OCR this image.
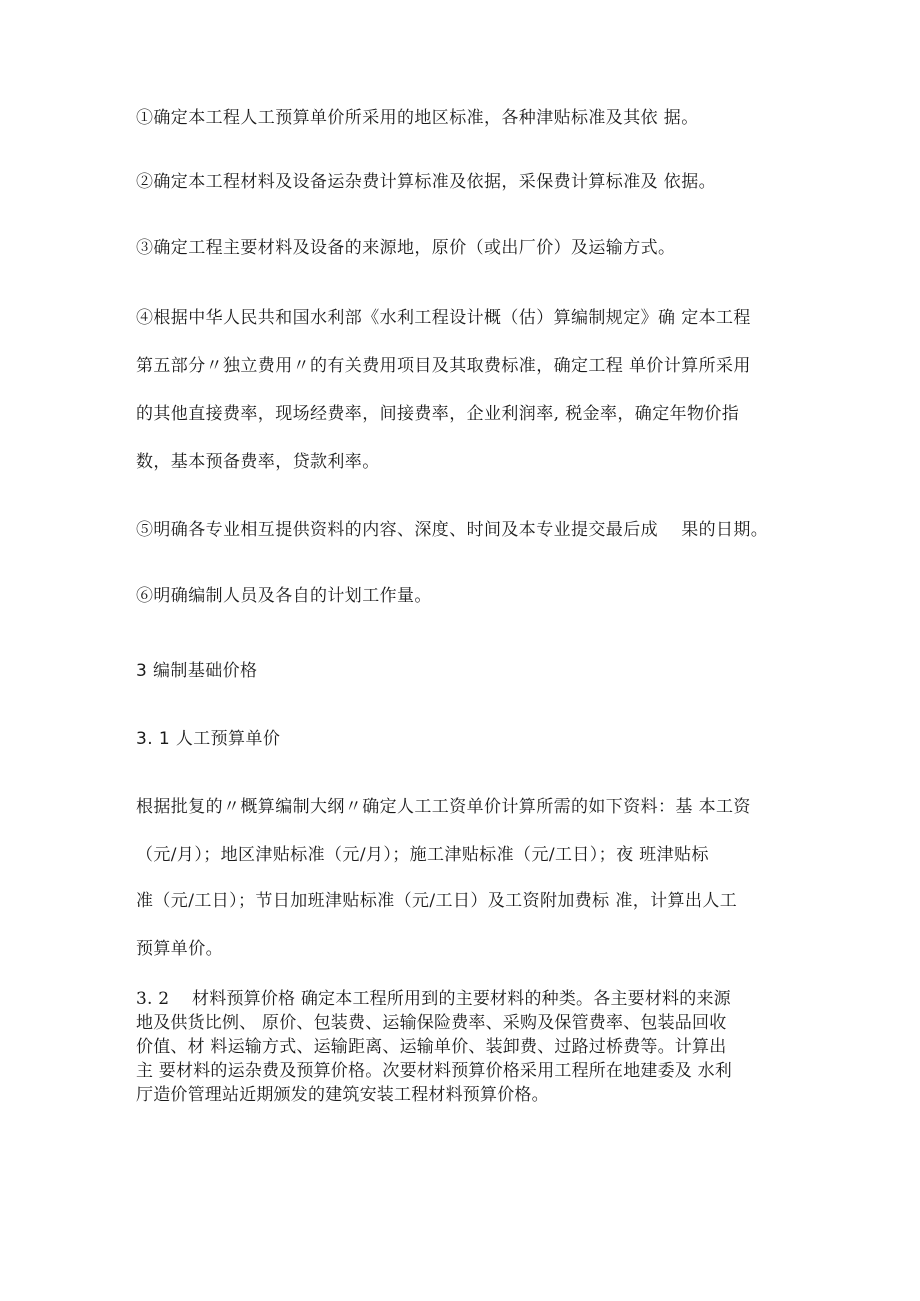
①确定本工程人工预算单价所采用的地区标准，各种津贴标准及其依 据。
②确定本工程材料及设备运杂费计算标准及依据，采保费计算标准及 依据。
③确定工程主要材料及设备的来源地，原价（或出厂价）及运输方式。
④根据中华人民共和国水利部《水利工程设计概（估）算编制规定》确 定本工程
第五部分〃独立费用〃的有关费用项目及其取费标准，确定工程 单价计算所采用
的其他直接费率，现场经费率，间接费率，企业利润率, 税金率，确定年物价指
数，基本预备费率，贷款利率。
⑤明确各专业相互提供资料的内容、深度、时间及本专业提交最后成　 果的日期。
⑥明确编制人员及各自的计划工作量。
3 编制基础价格
3. 1 人工预算单价
根据批复的〃概算编制大纲〃确定人工工资单价计算所需的如下资料：基 本工资
（元/月）；地区津贴标准（元/月）；施工津贴标准（元/工日）；夜 班津贴标
准（元/工日）；节日加班津贴标准（元/工日）及工资附加费标 准，计算出人工
预算单价。
3. 2　 材料预算价格 确定本工程所用到的主要材料的种类。各主要材料的来源
地及供货比例、 原价、包装费、运输保险费率、采购及保管费率、包装品回收
价值、材 料运输方式、运输距离、运输单价、装卸费、过路过桥费等。计算出
主 要材料的运杂费及预算价格。次要材料预算价格采用工程所在地建委及 水利
厅造价管理站近期颁发的建筑安装工程材料预算价格。
